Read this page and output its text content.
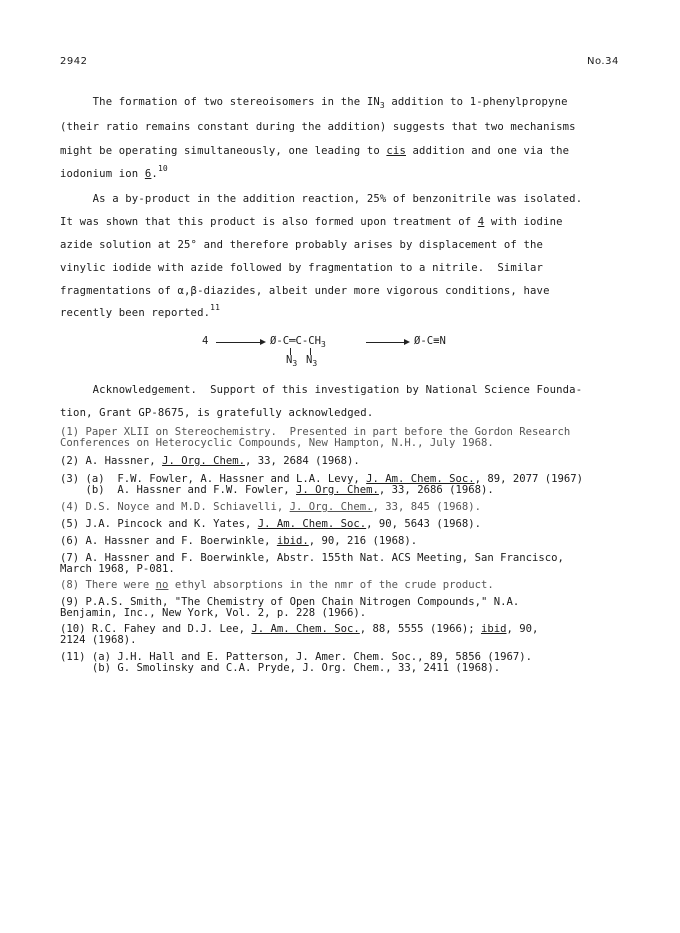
2942	No.34
The formation of two stereoisomers in the $IN_3$ addition to 1-phenylpropyne
(their ratio remains constant during the addition) suggests that two mechanisms
might be operating simultaneously, one leading to cis addition and one via the
iodonium ion 6.10
As a by-product in the addition reaction, 25% of benzonitrile was isolated.
It was shown that this product is also formed upon treatment of 4 with iodine
azide solution at 25° and therefore probably arises by displacement of the
vinylic iodide with azide followed by fragmentation to a nitrile.  Similar
fragmentations of α,β-diazides, albeit under more vigorous conditions, have
recently been reported.$^{11}$
4	$Ø-C═C-CH_3$
$N_3$ $N_3$
→ Ø-C≡N
Acknowledgement.  Support of this investigation by National Science Founda-
tion, Grant GP-8675, is gratefully acknowledged.
(1) Paper XLII on Stereochemistry.  Presented in part before the Gordon Research
Conferences on Heterocyclic Compounds, New Hampton, N.H., July 1968.
(2) A. Hassner, J. Org. Chem., 33, 2684 (1968).
(3) (a)  F.W. Fowler, A. Hassner and L.A. Levy, J. Am. Chem. Soc., 89, 2077 (1967)
(b)  A. Hassner and F.W. Fowler, J. Org. Chem., 33, 2686 (1968).
(4) D.S. Noyce and M.D. Schiavelli, J. Org. Chem., 33, 845 (1968).
(5) J.A. Pincock and K. Yates, J. Am. Chem. Soc., 90, 5643 (1968).
(6) A. Hassner and F. Boerwinkle, ibid., 90, 216 (1968).
(7) A. Hassner and F. Boerwinkle, Abstr. 155th Nat. ACS Meeting, San Francisco,
March 1968, P-081.
(8) There were no ethyl absorptions in the nmr of the crude product.
(9) P.A.S. Smith, "The Chemistry of Open Chain Nitrogen Compounds," N.A.
Benjamin, Inc., New York, Vol. 2, p. 228 (1966).
(10) R.C. Fahey and D.J. Lee, J. Am. Chem. Soc., 88, 5555 (1966); ibid, 90,
2124 (1968).
(11) (a) J.H. Hall and E. Patterson, J. Amer. Chem. Soc., 89, 5856 (1967).
(b) G. Smolinsky and C.A. Pryde, J. Org. Chem., 33, 2411 (1968).
